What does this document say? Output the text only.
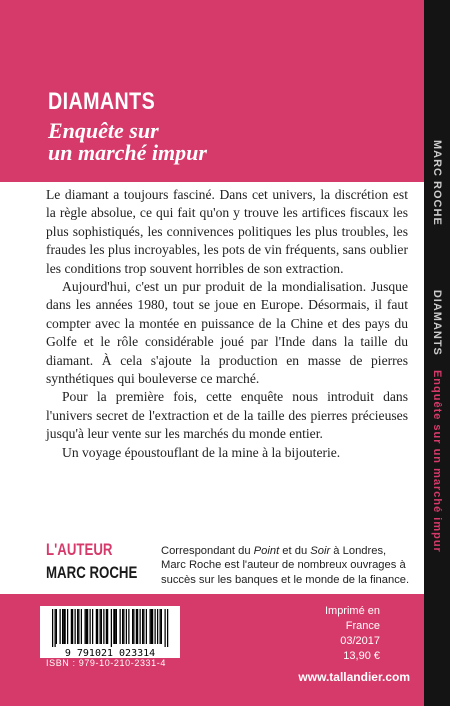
DIAMANTS
Enquête sur
un marché impur

Le diamant a toujours fasciné. Dans cet univers, la discrétion est la règle absolue, ce qui fait qu'on y trouve les artifices fiscaux les plus sophistiqués, les connivences politiques les plus troubles, les fraudes les plus incroyables, les pots de vin fréquents, sans oublier les conditions trop souvent horribles de son extraction.

Aujourd'hui, c'est un pur produit de la mondialisation. Jusque dans les années 1980, tout se joue en Europe. Désormais, il faut compter avec la montée en puissance de la Chine et des pays du Golfe et le rôle considérable joué par l'Inde dans la taille du diamant. À cela s'ajoute la production en masse de pierres synthétiques qui bouleverse ce marché.

Pour la première fois, cette enquête nous introduit dans l'univers secret de l'extraction et de la taille des pierres précieuses jusqu'à leur vente sur les marchés du monde entier.

Un voyage époustouflant de la mine à la bijouterie.

L'AUTEUR
MARC ROCHE
Correspondant du Point et du Soir à Londres, Marc Roche est l'auteur de nombreux ouvrages à succès sur les banques et le monde de la finance.
9 791021 023314
ISBN : 979-10-210-2331-4
Imprimé en France
03/2017
13,90 €
www.tallandier.com
MARC ROCHE DIAMANTS Enquête sur un marché impur
